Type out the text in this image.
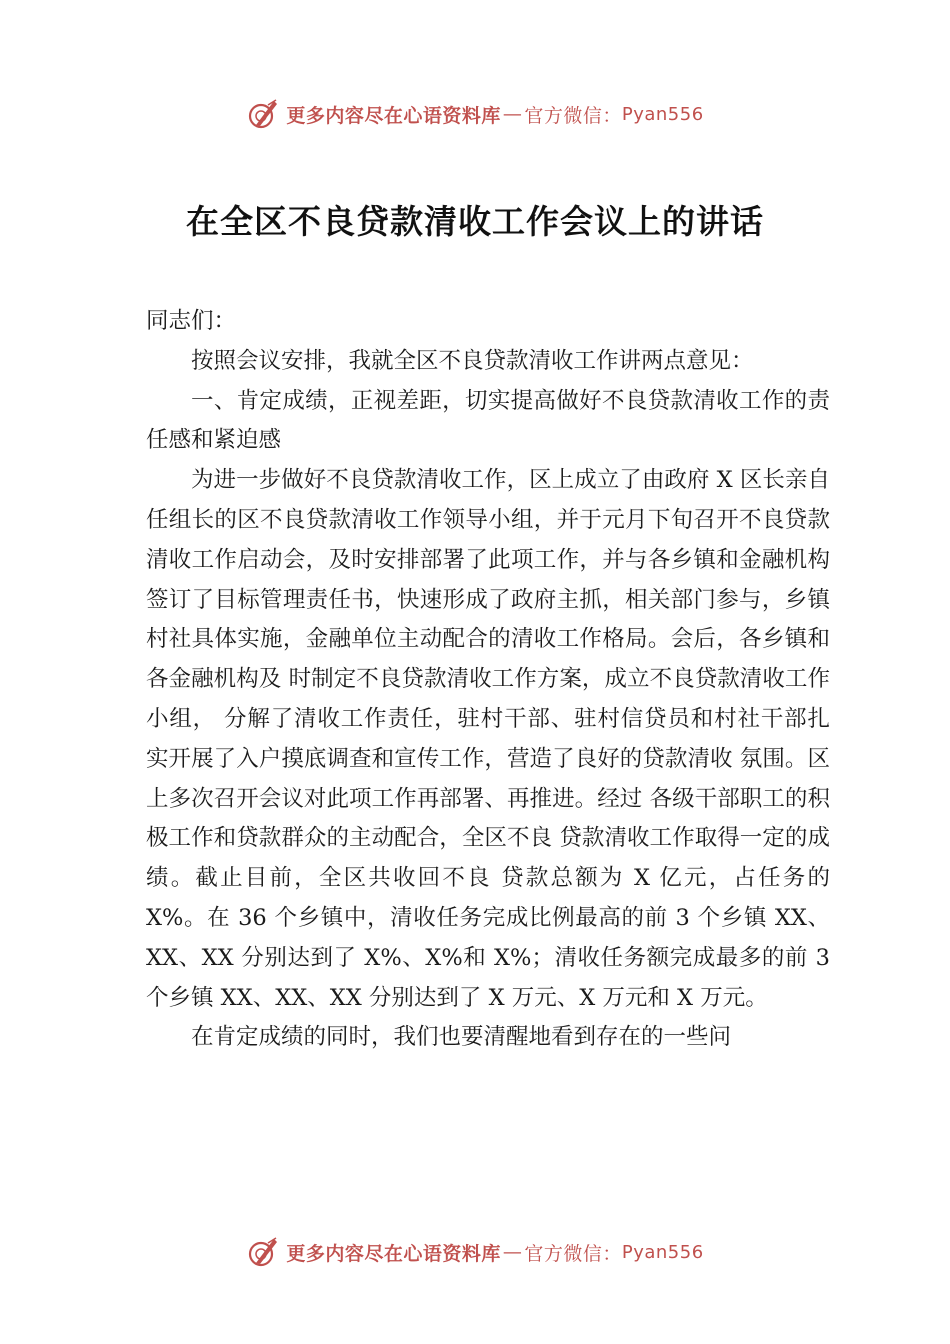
更多内容尽在心语资料库 — 官方微信： Pyan556
在全区不良贷款清收工作会议上的讲话

同志们：

按照会议安排，我就全区不良贷款清收工作讲两点意见：

一、肯定成绩，正视差距，切实提高做好不良贷款清收工作的责任感和紧迫感

为进一步做好不良贷款清收工作，区上成立了由政府 X 区长亲自任组长的区不良贷款清收工作领导小组，并于元月下旬召开不良贷款清收工作启动会，及时安排部署了此项工作，并与各乡镇和金融机构签订了目标管理责任书，快速形成了政府主抓，相关部门参与，乡镇村社具体实施，金融单位主动配合的清收工作格局。会后，各乡镇和各金融机构及 时制定不良贷款清收工作方案，成立不良贷款清收工作小组， 分解了清收工作责任，驻村干部、驻村信贷员和村社干部扎 实开展了入户摸底调查和宣传工作，营造了良好的贷款清收 氛围。区上多次召开会议对此项工作再部署、再推进。经过 各级干部职工的积极工作和贷款群众的主动配合，全区不良 贷款清收工作取得一定的成绩。截止目前，全区共收回不良 贷款总额为 X 亿元，占任务的 X%。在 36 个乡镇中，清收任务完成比例最高的前 3 个乡镇 XX、XX、XX 分别达到了 X%、X%和 X%；清收任务额完成最多的前 3 个乡镇 XX、XX、XX 分别达到了 X 万元、X 万元和 X 万元。

在肯定成绩的同时，我们也要清醒地看到存在的一些问

更多内容尽在心语资料库 — 官方微信： Pyan556
